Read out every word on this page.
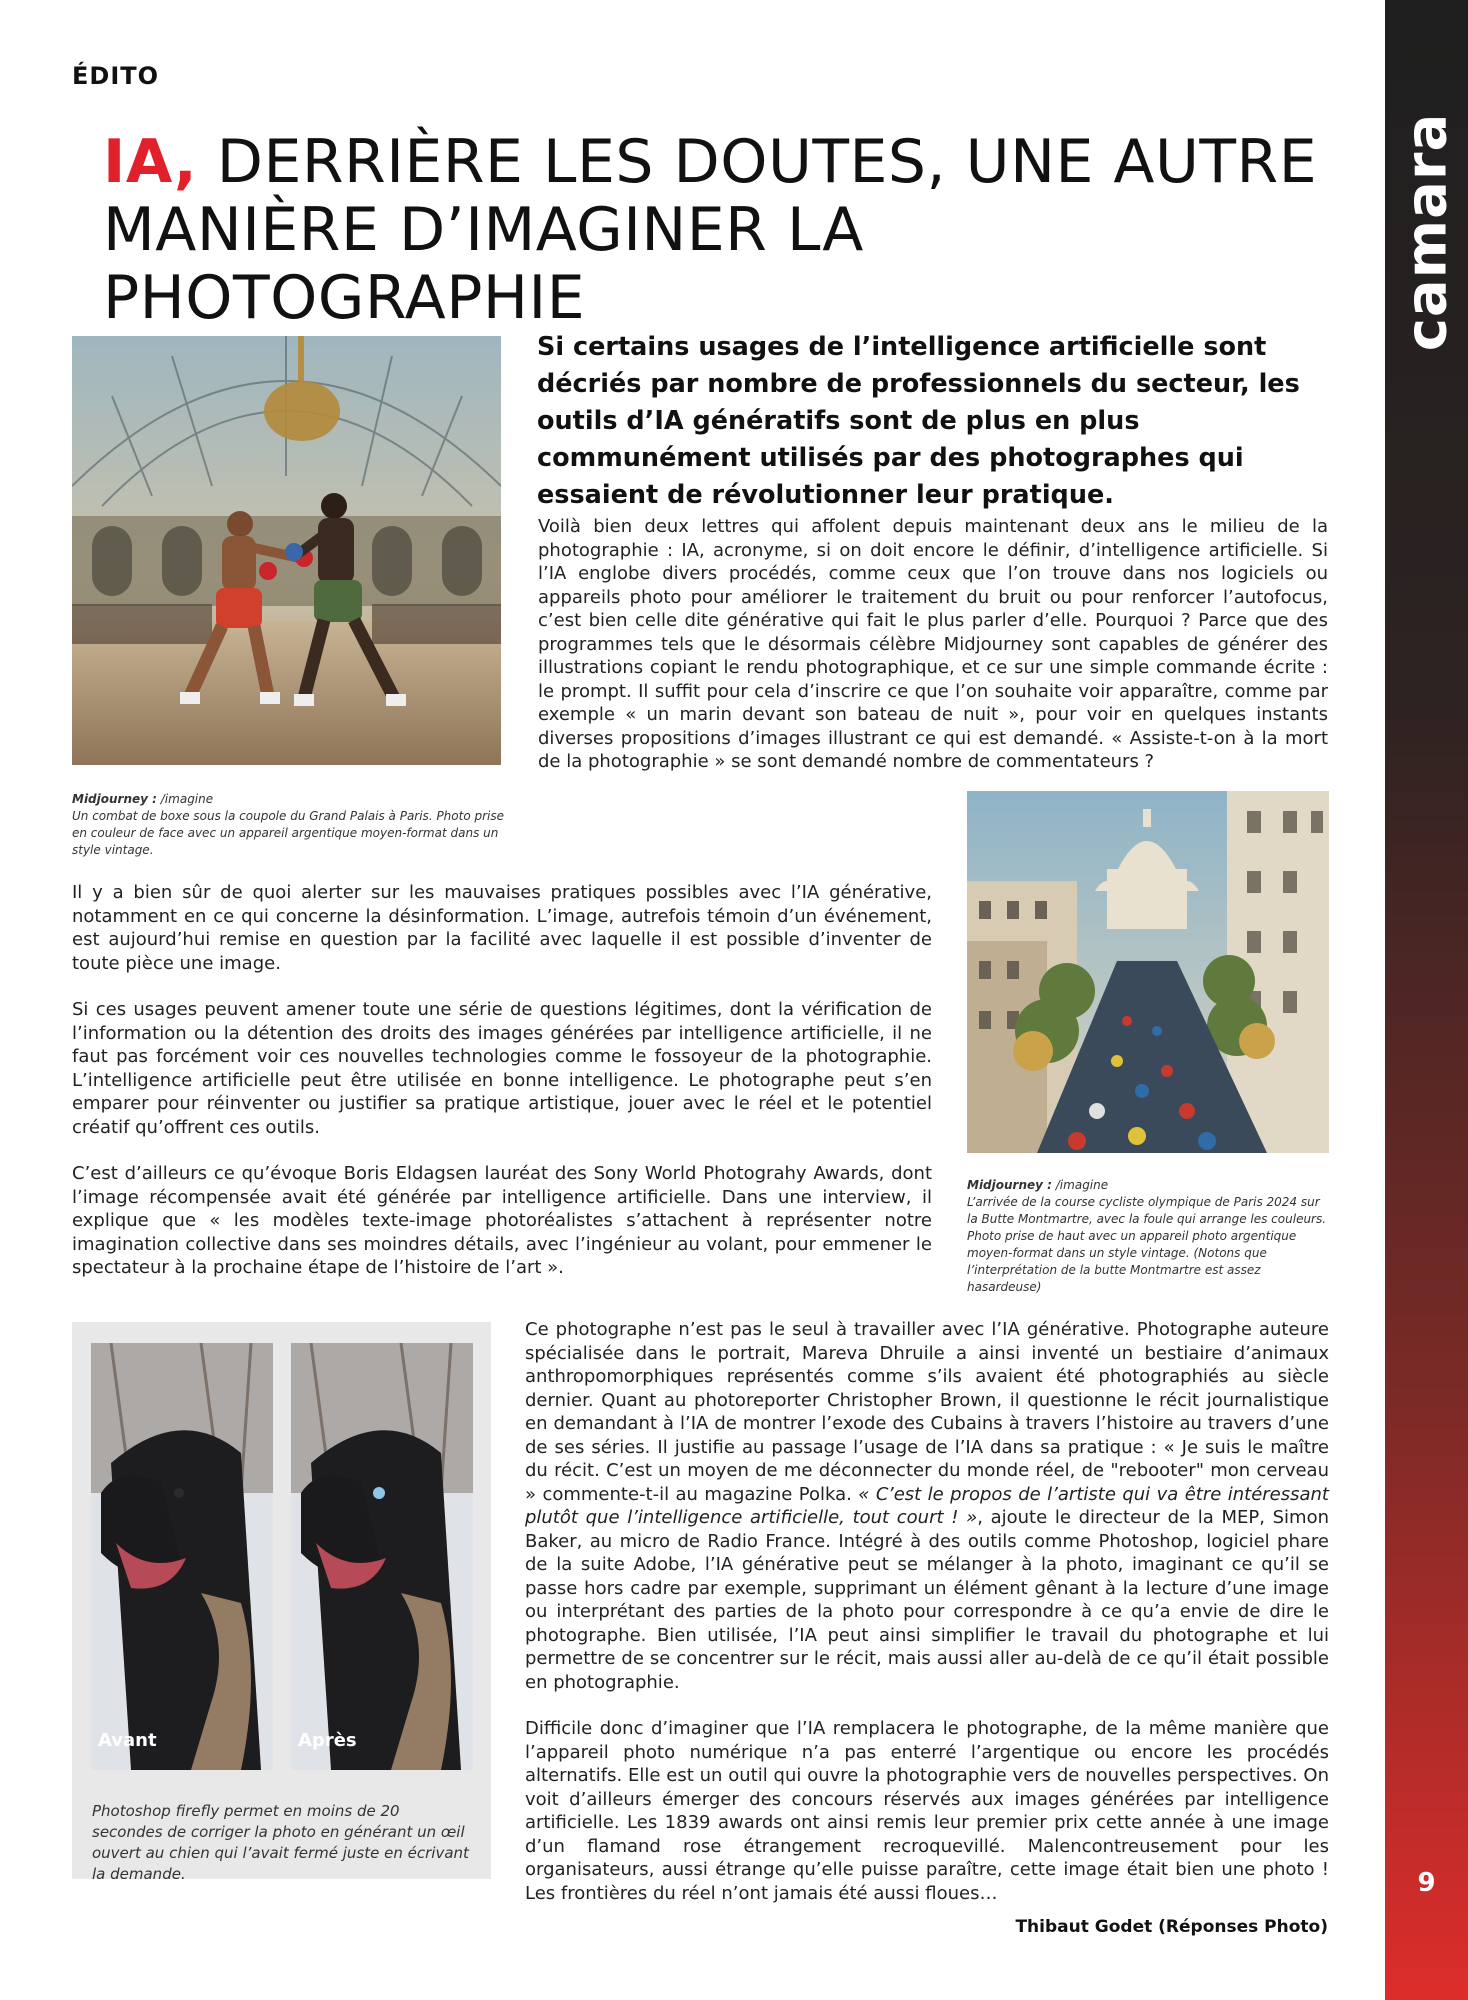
camara
9
ÉDITO
IA, DERRIÈRE LES DOUTES, UNE AUTRE
MANIÈRE D’IMAGINER LA PHOTOGRAPHIE
Si certains usages de l’intelligence artificielle sont décriés par nombre de professionnels du secteur, les outils d’IA génératifs sont de plus en plus communément utilisés par des photographes qui essaient de révolutionner leur pratique.

Voilà bien deux lettres qui affolent depuis maintenant deux ans le milieu de la photographie : IA, acronyme, si on doit encore le définir, d’intelligence artificielle. Si l’IA englobe divers procédés, comme ceux que l’on trouve dans nos logiciels ou appareils photo pour améliorer le traitement du bruit ou pour renforcer l’autofocus, c’est bien celle dite générative qui fait le plus parler d’elle. Pourquoi ? Parce que des programmes tels que le désormais célèbre Midjourney sont capables de générer des illustrations copiant le rendu photographique, et ce sur une simple commande écrite : le prompt. Il suffit pour cela d’inscrire ce que l’on souhaite voir apparaître, comme par exemple « un marin devant son bateau de nuit », pour voir en quelques instants diverses propositions d’images illustrant ce qui est demandé. « Assiste-t-on à la mort de la photographie » se sont demandé nombre de commentateurs ?

Midjourney : /imagine
Un combat de boxe sous la coupole du Grand Palais à Paris. Photo prise en couleur de face avec un appareil argentique moyen-format dans un style vintage.

Il y a bien sûr de quoi alerter sur les mauvaises pratiques possibles avec l’IA générative, notamment en ce qui concerne la désinformation. L’image, autrefois témoin d’un événement, est aujourd’hui remise en question par la facilité avec laquelle il est possible d’inventer de toute pièce une image.

Si ces usages peuvent amener toute une série de questions légitimes, dont la vérification de l’information ou la détention des droits des images générées par intelligence artificielle, il ne faut pas forcément voir ces nouvelles technologies comme le fossoyeur de la photographie. L’intelligence artificielle peut être utilisée en bonne intelligence. Le photographe peut s’en emparer pour réinventer ou justifier sa pratique artistique, jouer avec le réel et le potentiel créatif qu’offrent ces outils.

C’est d’ailleurs ce qu’évoque Boris Eldagsen lauréat des Sony World Photograhy Awards, dont l’image récompensée avait été générée par intelligence artificielle. Dans une interview, il explique que « les modèles texte-image photoréalistes s’attachent à représenter notre imagination collective dans ses moindres détails, avec l’ingénieur au volant, pour emmener le spectateur à la prochaine étape de l’histoire de l’art ».

Midjourney : /imagine
L’arrivée de la course cycliste olympique de Paris 2024 sur la Butte Montmartre, avec la foule qui arrange les couleurs. Photo prise de haut avec un appareil photo argentique moyen-format dans un style vintage. (Notons que l’interprétation de la butte Montmartre est assez hasardeuse)
Avant	Après
Photoshop firefly permet en moins de 20 secondes de corriger la photo en générant un œil ouvert au chien qui l’avait fermé juste en écrivant la demande.

Ce photographe n’est pas le seul à travailler avec l’IA générative. Photographe auteure spécialisée dans le portrait, Mareva Dhruile a ainsi inventé un bestiaire d’animaux anthropomorphiques représentés comme s’ils avaient été photographiés au siècle dernier. Quant au photoreporter Christopher Brown, il questionne le récit journalistique en demandant à l’IA de montrer l’exode des Cubains à travers l’histoire au travers d’une de ses séries. Il justifie au passage l’usage de l’IA dans sa pratique : « Je suis le maître du récit. C’est un moyen de me déconnecter du monde réel, de "rebooter" mon cerveau » commente-t-il au magazine Polka. « C’est le propos de l’artiste qui va être intéressant plutôt que l’intelligence artificielle, tout court ! », ajoute le directeur de la MEP, Simon Baker, au micro de Radio France. Intégré à des outils comme Photoshop, logiciel phare de la suite Adobe, l’IA générative peut se mélanger à la photo, imaginant ce qu’il se passe hors cadre par exemple, supprimant un élément gênant à la lecture d’une image ou interprétant des parties de la photo pour correspondre à ce qu’a envie de dire le photographe. Bien utilisée, l’IA peut ainsi simplifier le travail du photographe et lui permettre de se concentrer sur le récit, mais aussi aller au-delà de ce qu’il était possible en photographie.

Difficile donc d’imaginer que l’IA remplacera le photographe, de la même manière que l’appareil photo numérique n’a pas enterré l’argentique ou encore les procédés alternatifs. Elle est un outil qui ouvre la photographie vers de nouvelles perspectives. On voit d’ailleurs émerger des concours réservés aux images générées par intelligence artificielle. Les 1839 awards ont ainsi remis leur premier prix cette année à une image d’un flamand rose étrangement recroquevillé. Malencontreusement pour les organisateurs, aussi étrange qu’elle puisse paraître, cette image était bien une photo ! Les frontières du réel n’ont jamais été aussi floues…

Thibaut Godet (Réponses Photo)
